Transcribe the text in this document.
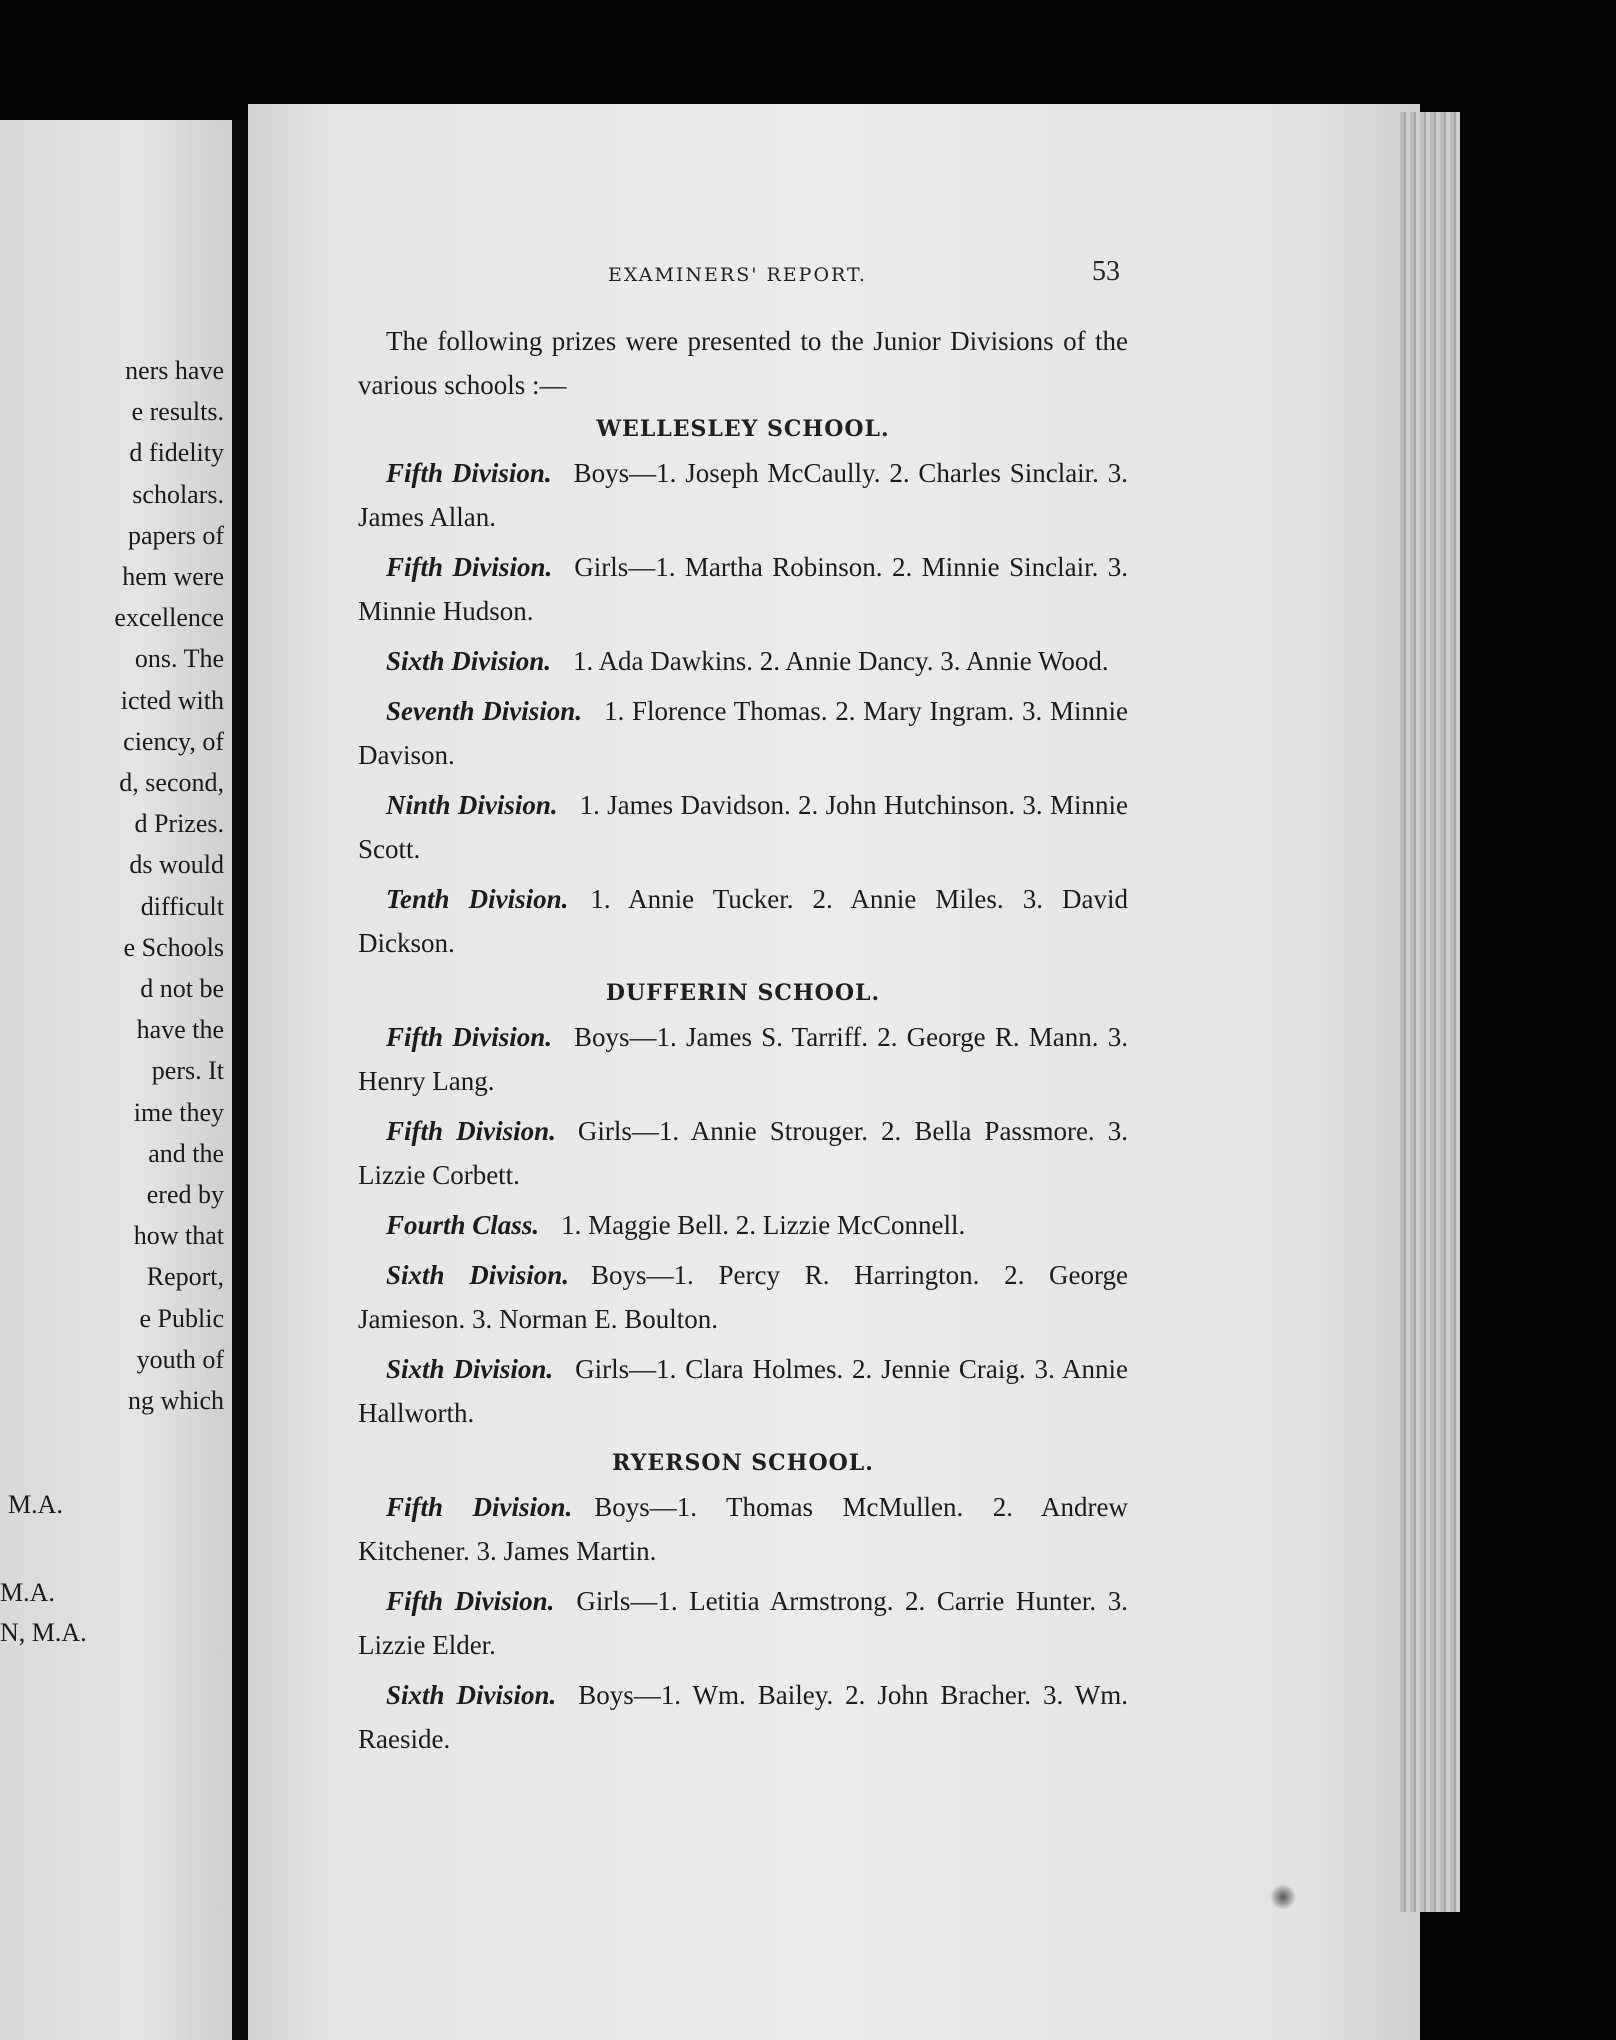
ners have
e results.
d fidelity
scholars.
papers of
hem were
excellence
ons. The
icted with
ciency, of
d, second,
d Prizes.
ds would
difficult
e Schools
d not be
have the
pers. It
ime they
and the
ered by
how that
Report,
e Public
youth of
ng which
M.A.
M.A.
N, M.A.
EXAMINERS' REPORT.	53

The following prizes were presented to the Junior Divisions of the various schools :—

WELLESLEY SCHOOL.

Fifth Division. Boys—1. Joseph McCaully. 2. Charles Sinclair. 3. James Allan.

Fifth Division. Girls—1. Martha Robinson. 2. Minnie Sinclair. 3. Minnie Hudson.

Sixth Division. 1. Ada Dawkins. 2. Annie Dancy. 3. Annie Wood.

Seventh Division. 1. Florence Thomas. 2. Mary Ingram. 3. Minnie Davison.

Ninth Division. 1. James Davidson. 2. John Hutchinson. 3. Minnie Scott.

Tenth Division. 1. Annie Tucker. 2. Annie Miles. 3. David Dickson.

DUFFERIN SCHOOL.

Fifth Division. Boys—1. James S. Tarriff. 2. George R. Mann. 3. Henry Lang.

Fifth Division. Girls—1. Annie Strouger. 2. Bella Passmore. 3. Lizzie Corbett.

Fourth Class. 1. Maggie Bell. 2. Lizzie McConnell.

Sixth Division. Boys—1. Percy R. Harrington. 2. George Jamieson. 3. Norman E. Boulton.

Sixth Division. Girls—1. Clara Holmes. 2. Jennie Craig. 3. Annie Hallworth.

RYERSON SCHOOL.

Fifth Division. Boys—1. Thomas McMullen. 2. Andrew Kitchener. 3. James Martin.

Fifth Division. Girls—1. Letitia Armstrong. 2. Carrie Hunter. 3. Lizzie Elder.

Sixth Division. Boys—1. Wm. Bailey. 2. John Bracher. 3. Wm. Raeside.
